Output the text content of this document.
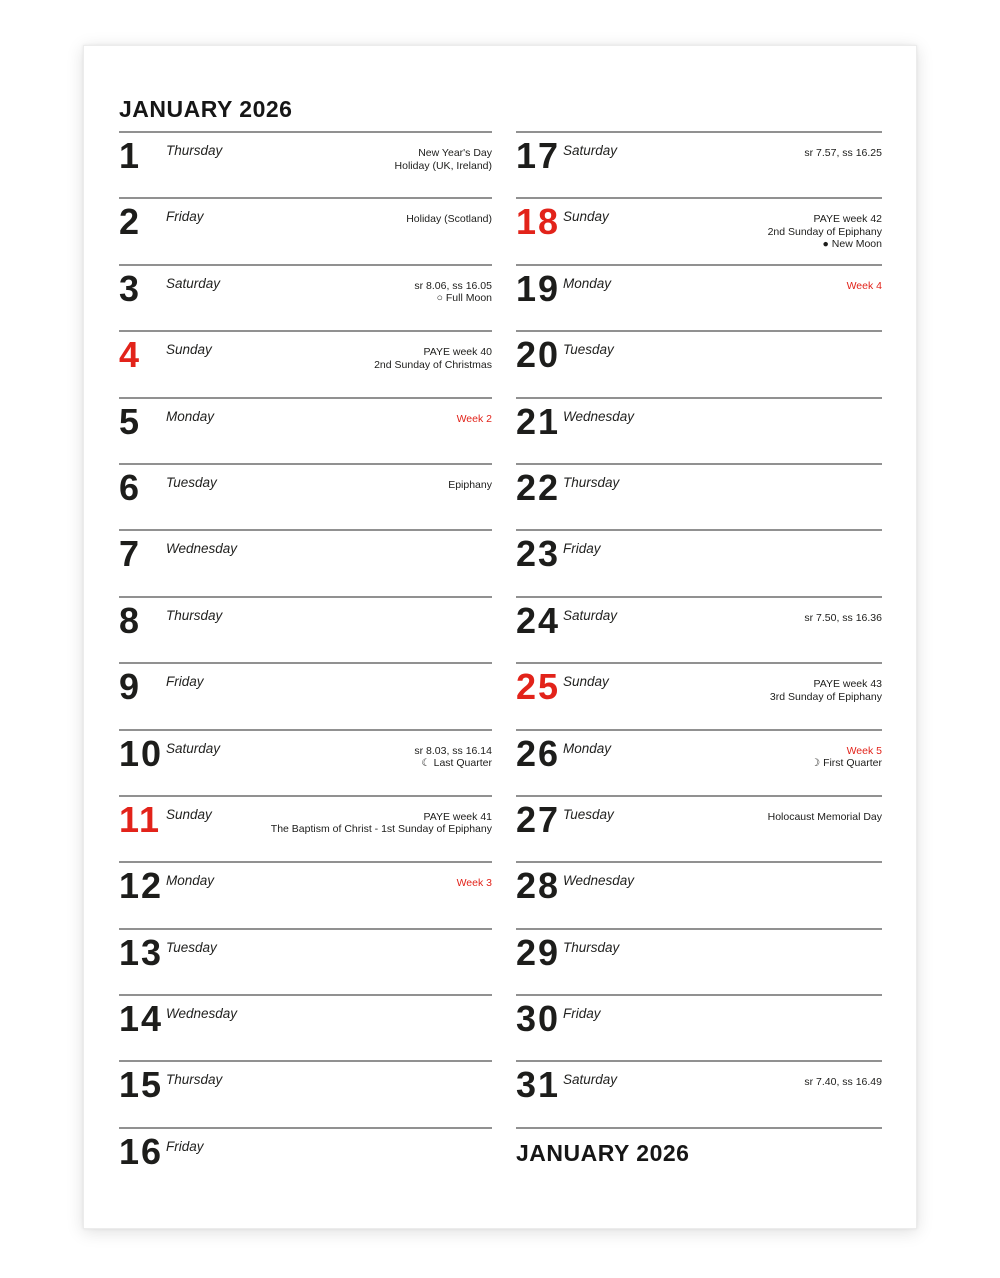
JANUARY 2026
1 Thursday	New Year's Day
Holiday (UK, Ireland)
2 Friday	Holiday (Scotland)
3 Saturday	sr 8.06, ss 16.05
○ Full Moon
4 Sunday	PAYE week 40
2nd Sunday of Christmas
5 Monday	Week 2
6 Tuesday	Epiphany
7 Wednesday
8 Thursday
9 Friday
10 Saturday	sr 8.03, ss 16.14
☾ Last Quarter
11 Sunday	PAYE week 41
The Baptism of Christ - 1st Sunday of Epiphany
12 Monday	Week 3
13 Tuesday
14 Wednesday
15 Thursday
16 Friday
17 Saturday	sr 7.57, ss 16.25
18 Sunday	PAYE week 42
2nd Sunday of Epiphany
● New Moon
19 Monday	Week 4
20 Tuesday
21 Wednesday
22 Thursday
23 Friday
24 Saturday	sr 7.50, ss 16.36
25 Sunday	PAYE week 43
3rd Sunday of Epiphany
26 Monday	Week 5
☽ First Quarter
27 Tuesday	Holocaust Memorial Day
28 Wednesday
29 Thursday
30 Friday
31 Saturday	sr 7.40, ss 16.49
JANUARY 2026
